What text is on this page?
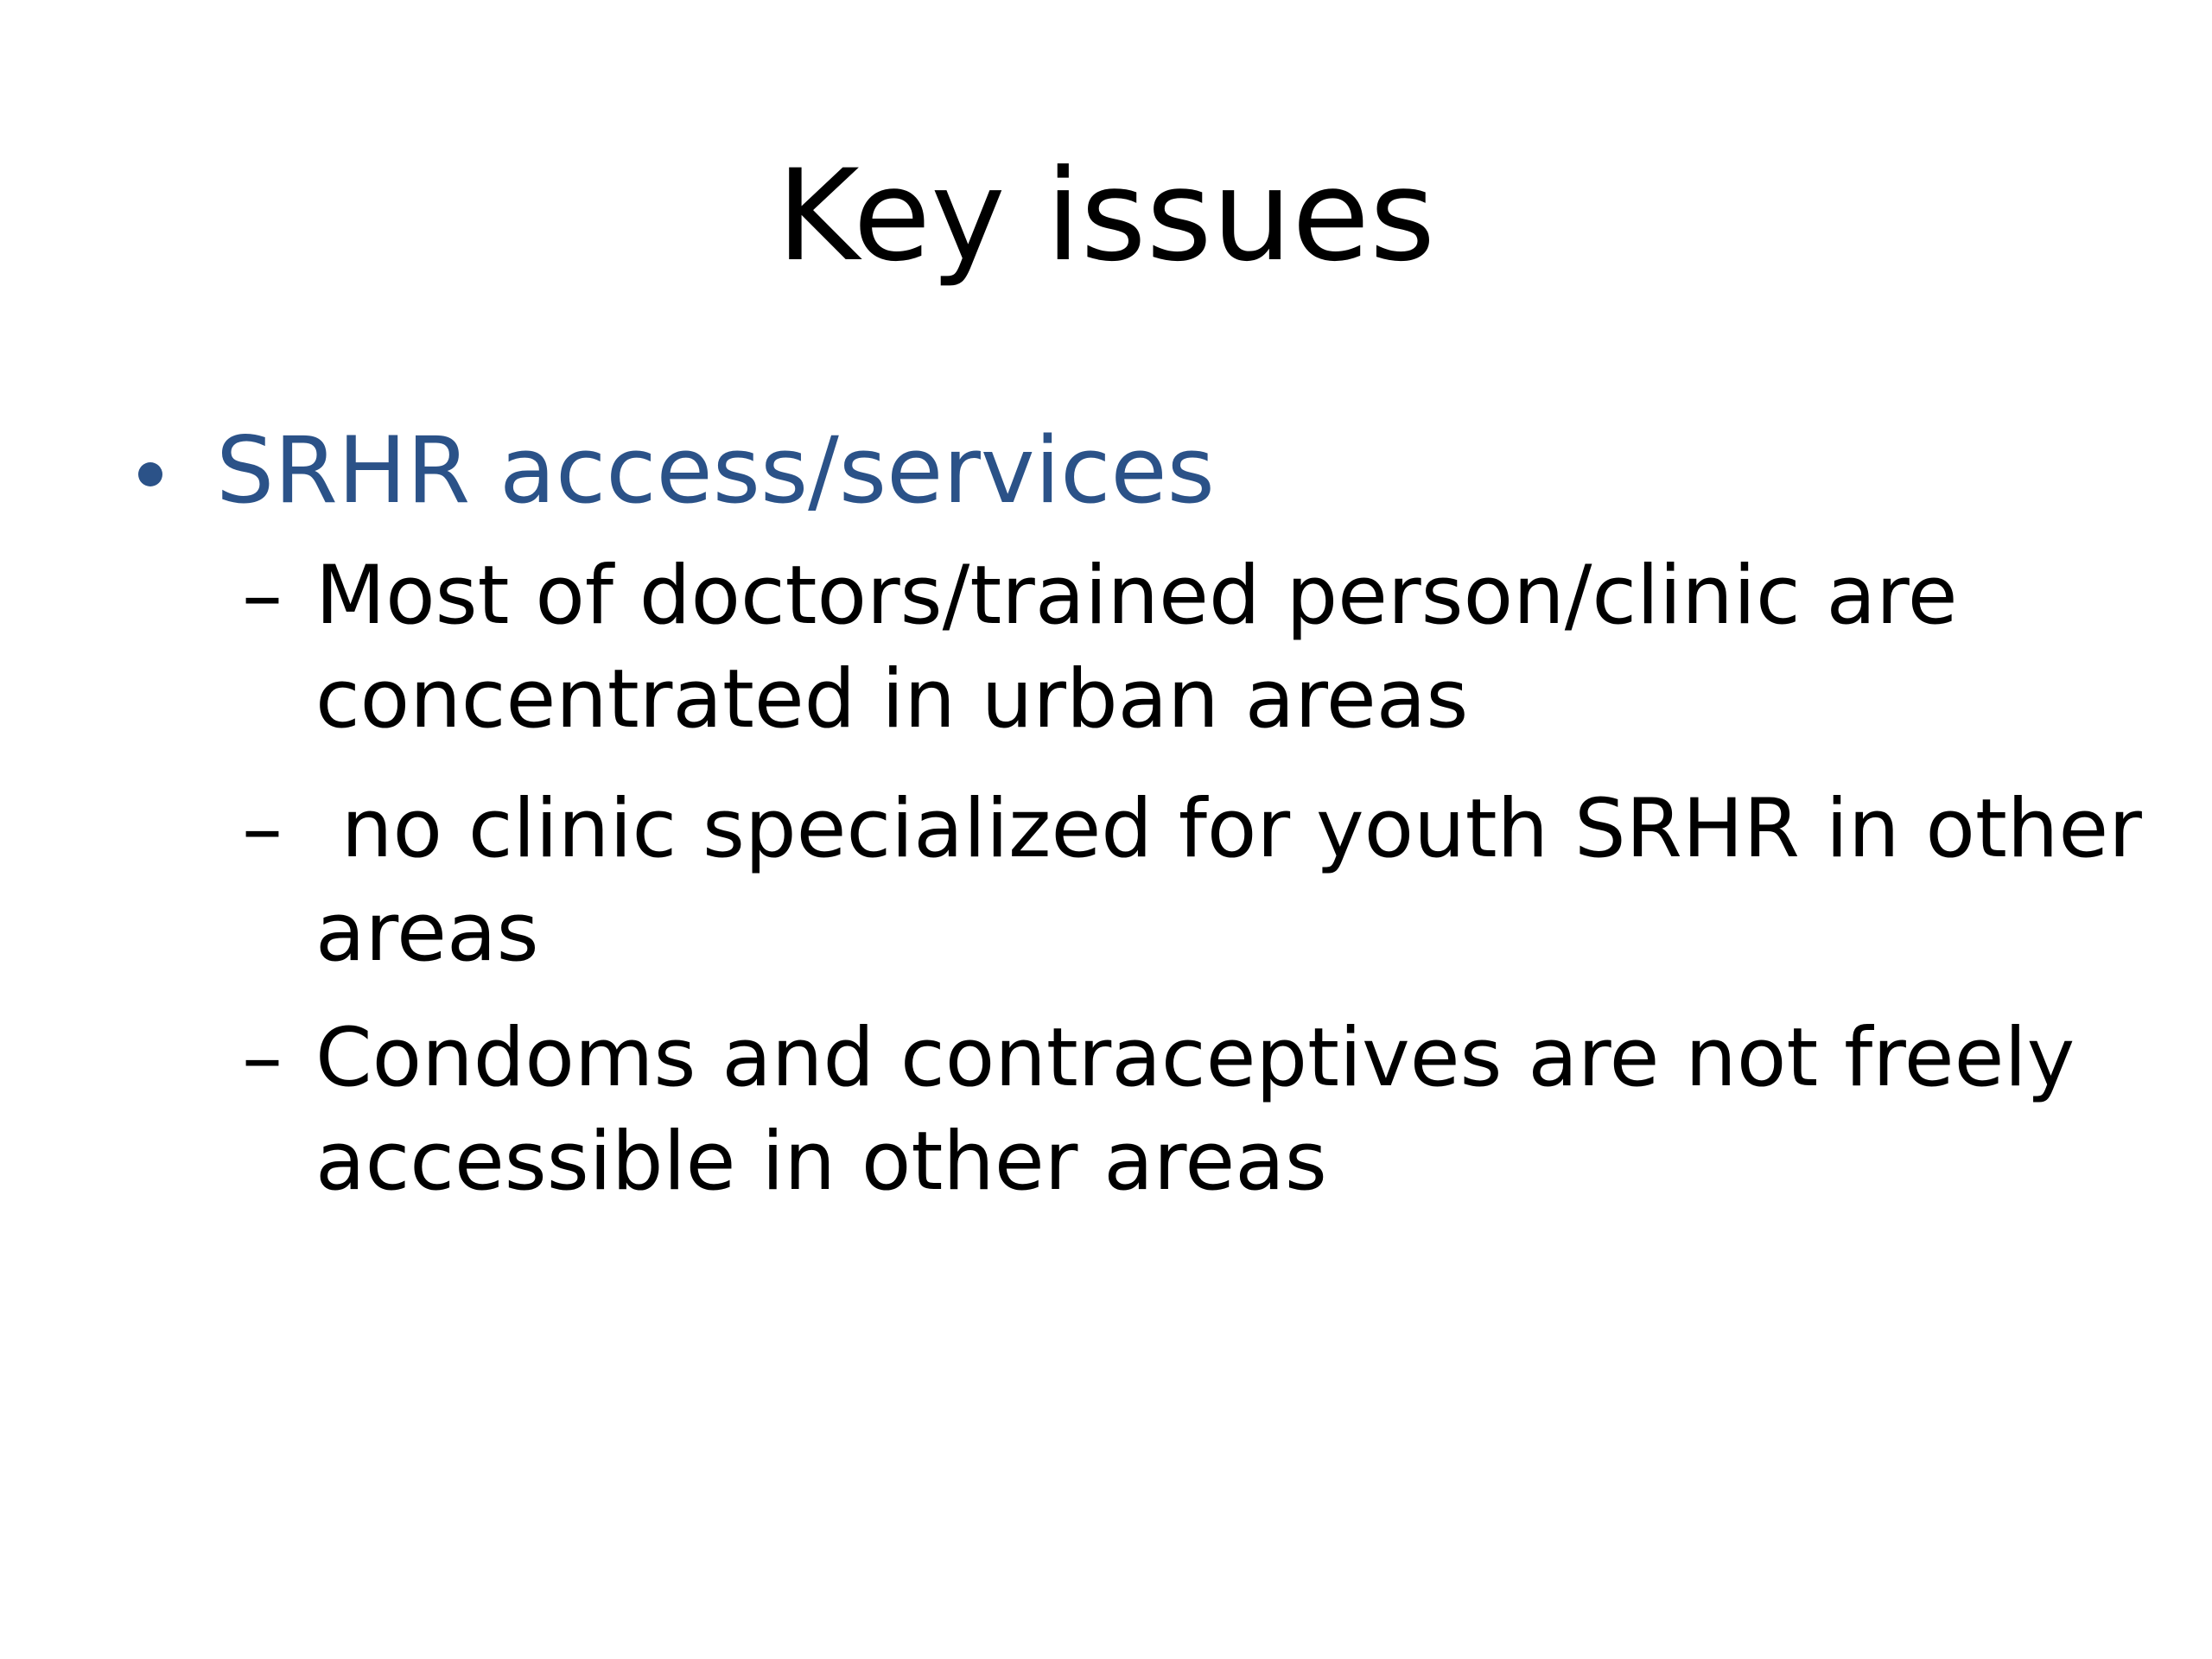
Key issues
SRHR access/services
– Most of doctors/trained person/clinic are
concentrated in urban areas
– no clinic specialized for youth SRHR in other
areas
– Condoms and contraceptives are not freely
accessible in other areas
